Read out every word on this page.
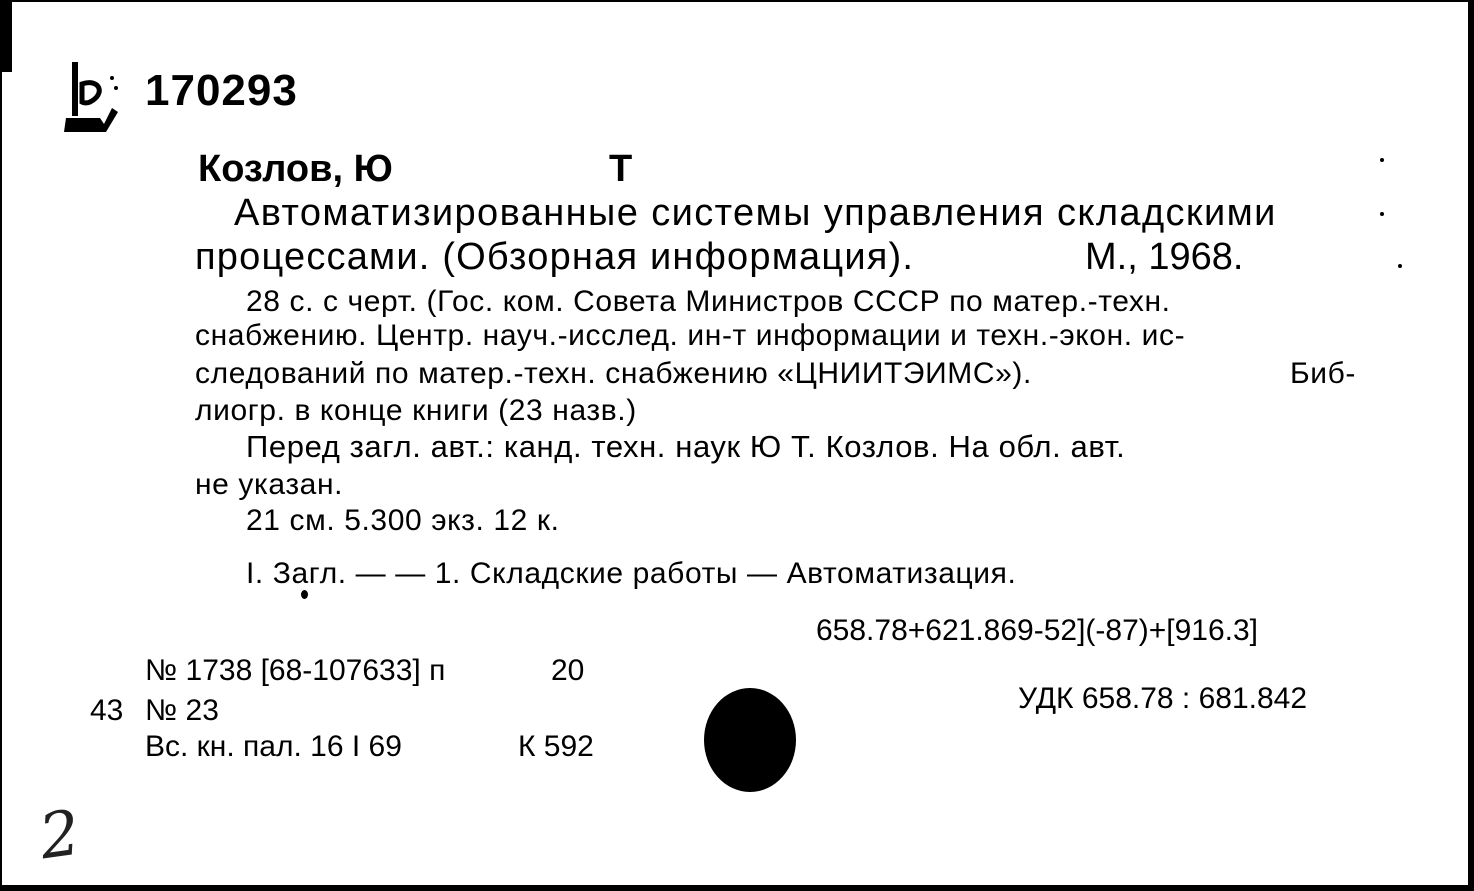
170293
Козлов, Ю	Т
Автоматизированные системы управления складскими
процессами. (Обзорная информация).	М., 1968.
28 с. с черт. (Гос. ком. Совета Министров СССР по матер.-техн.
снабжению. Центр. науч.-исслед. ин-т информации и техн.-экон. ис-
следований по матер.-техн. снабжению «ЦНИИТЭИМС»).	Биб-
лиогр. в конце книги (23 назв.)
Перед загл. авт.: канд. техн. наук Ю Т. Козлов. На обл. авт.
не указан.
21 см. 5.300 экз. 12 к.
I. Загл. — — 1. Складские работы — Автоматизация.
658.78+621.869-52](-87)+[916.3]
УДК 658.78 : 681.842
№ 1738 [68-107633] п	20
43 № 23
Вс. кн. пал. 16 I 69	К 592
2
